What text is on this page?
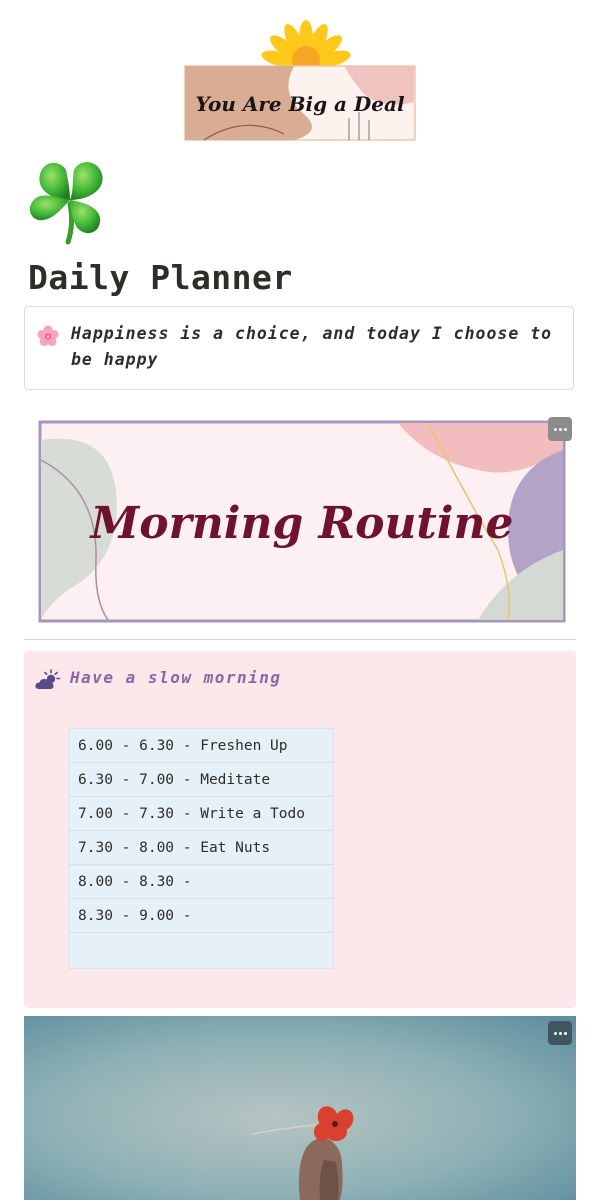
You Are Big a Deal
Daily Planner
Happiness is a choice, and today I choose to be happy
Morning Routine
Have a slow morning
6.00 - 6.30 - Freshen Up
6.30 - 7.00 - Meditate
7.00 - 7.30 - Write a Todo
7.30 - 8.00 - Eat Nuts
8.00 - 8.30 -
8.30 - 9.00 -
